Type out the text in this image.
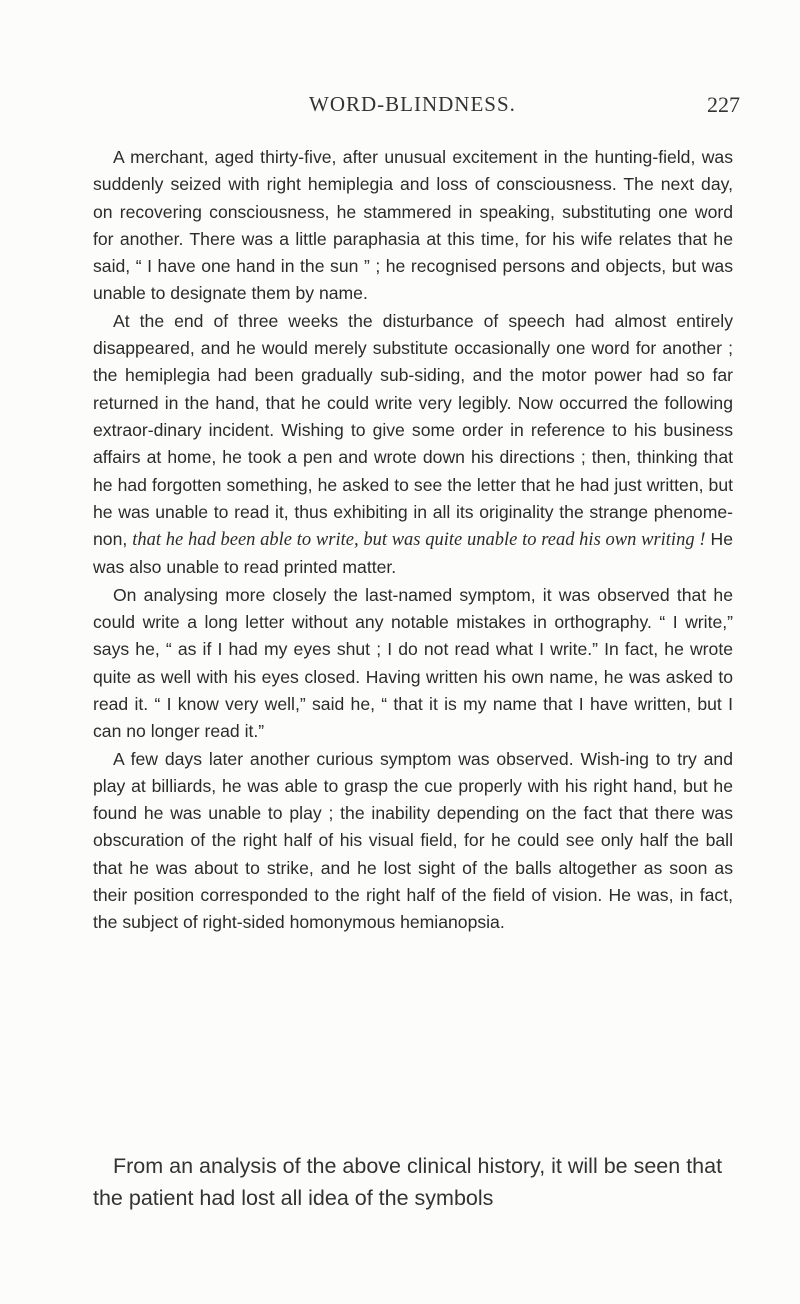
WORD-BLINDNESS.	227

A merchant, aged thirty-five, after unusual excitement in the hunting-field, was suddenly seized with right hemiplegia and loss of consciousness. The next day, on recovering consciousness, he stammered in speaking, substituting one word for another. There was a little paraphasia at this time, for his wife relates that he said, “ I have one hand in the sun ” ; he recognised persons and objects, but was unable to designate them by name.

At the end of three weeks the disturbance of speech had almost entirely disappeared, and he would merely substitute occasionally one word for another ; the hemiplegia had been gradually sub-siding, and the motor power had so far returned in the hand, that he could write very legibly. Now occurred the following extraor-dinary incident. Wishing to give some order in reference to his business affairs at home, he took a pen and wrote down his directions ; then, thinking that he had forgotten something, he asked to see the letter that he had just written, but he was unable to read it, thus exhibiting in all its originality the strange phenome-non, that he had been able to write, but was quite unable to read his own writing ! He was also unable to read printed matter.

On analysing more closely the last-named symptom, it was observed that he could write a long letter without any notable mistakes in orthography. “ I write,” says he, “ as if I had my eyes shut ; I do not read what I write.” In fact, he wrote quite as well with his eyes closed. Having written his own name, he was asked to read it. “ I know very well,” said he, “ that it is my name that I have written, but I can no longer read it.”

A few days later another curious symptom was observed. Wish-ing to try and play at billiards, he was able to grasp the cue properly with his right hand, but he found he was unable to play ; the inability depending on the fact that there was obscuration of the right half of his visual field, for he could see only half the ball that he was about to strike, and he lost sight of the balls altogether as soon as their position corresponded to the right half of the field of vision. He was, in fact, the subject of right-sided homonymous hemianopsia.

From an analysis of the above clinical history, it will be seen that the patient had lost all idea of the symbols
